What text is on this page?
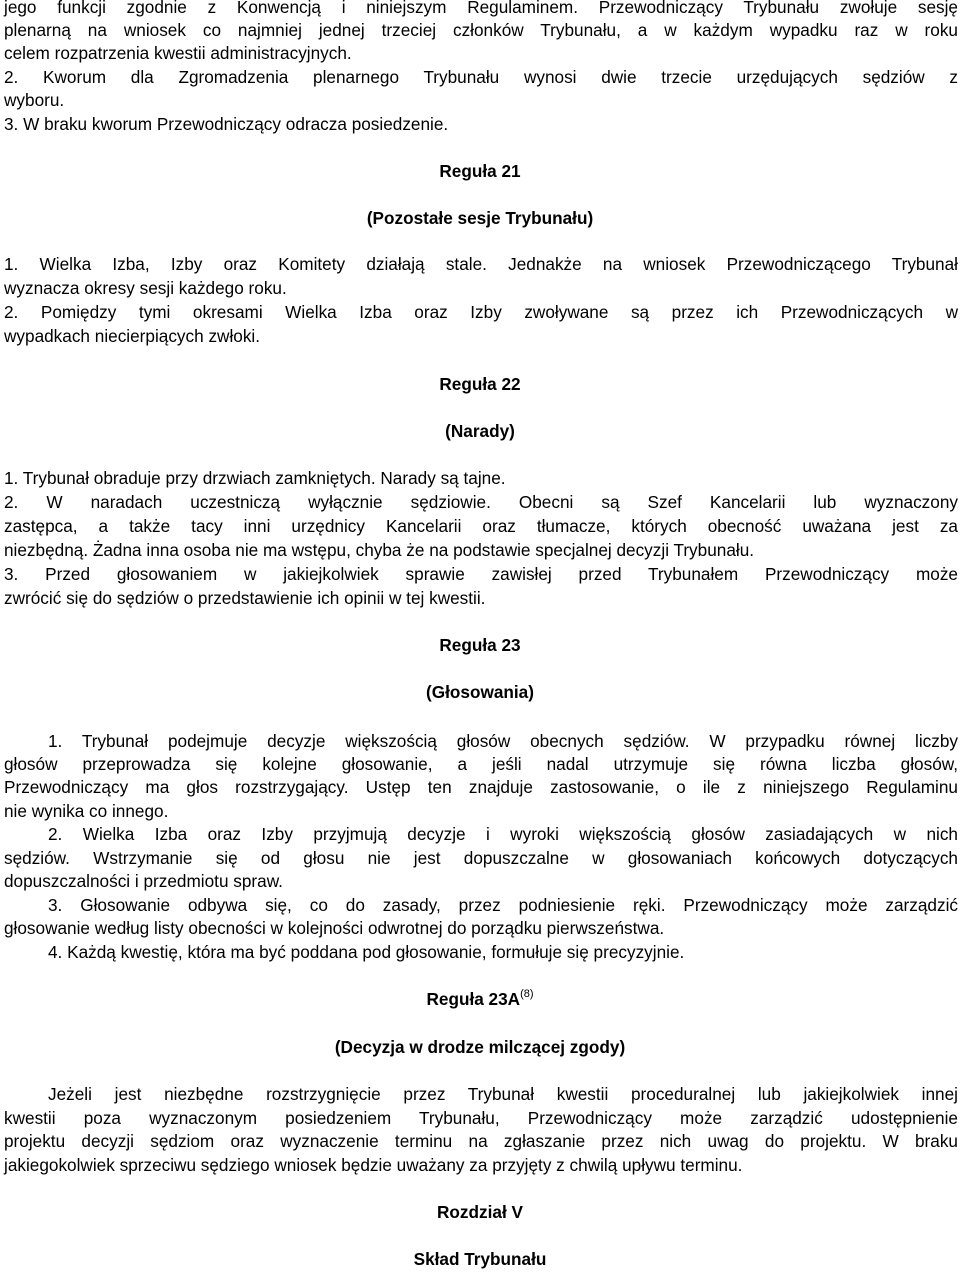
jego funkcji zgodnie z Konwencją i niniejszym Regulaminem. Przewodniczący Trybunału zwołuje sesję
plenarną na wniosek co najmniej jednej trzeciej członków Trybunału, a w każdym wypadku raz w roku
celem rozpatrzenia kwestii administracyjnych.
2. Kworum dla Zgromadzenia plenarnego Trybunału wynosi dwie trzecie urzędujących sędziów z
wyboru.
3. W braku kworum Przewodniczący odracza posiedzenie.
Reguła 21
(Pozostałe sesje Trybunału)
1. Wielka Izba, Izby oraz Komitety działają stale. Jednakże na wniosek Przewodniczącego Trybunał
wyznacza okresy sesji każdego roku.
2. Pomiędzy tymi okresami Wielka Izba oraz Izby zwoływane są przez ich Przewodniczących w
wypadkach niecierpiących zwłoki.
Reguła 22
(Narady)
1. Trybunał obraduje przy drzwiach zamkniętych. Narady są tajne.
2. W naradach uczestniczą wyłącznie sędziowie. Obecni są Szef Kancelarii lub wyznaczony
zastępca, a także tacy inni urzędnicy Kancelarii oraz tłumacze, których obecność uważana jest za
niezbędną. Żadna inna osoba nie ma wstępu, chyba że na podstawie specjalnej decyzji Trybunału.
3. Przed głosowaniem w jakiejkolwiek sprawie zawisłej przed Trybunałem Przewodniczący może
zwrócić się do sędziów o przedstawienie ich opinii w tej kwestii.
Reguła 23
(Głosowania)
1. Trybunał podejmuje decyzje większością głosów obecnych sędziów. W przypadku równej liczby
głosów przeprowadza się kolejne głosowanie, a jeśli nadal utrzymuje się równa liczba głosów,
Przewodniczący ma głos rozstrzygający. Ustęp ten znajduje zastosowanie, o ile z niniejszego Regulaminu
nie wynika co innego.
2. Wielka Izba oraz Izby przyjmują decyzje i wyroki większością głosów zasiadających w nich
sędziów. Wstrzymanie się od głosu nie jest dopuszczalne w głosowaniach końcowych dotyczących
dopuszczalności i przedmiotu spraw.
3. Głosowanie odbywa się, co do zasady, przez podniesienie ręki. Przewodniczący może zarządzić
głosowanie według listy obecności w kolejności odwrotnej do porządku pierwszeństwa.
4. Każdą kwestię, która ma być poddana pod głosowanie, formułuje się precyzyjnie.
Reguła $23A^{(8)}$
(Decyzja w drodze milczącej zgody)
Jeżeli jest niezbędne rozstrzygnięcie przez Trybunał kwestii proceduralnej lub jakiejkolwiek innej
kwestii poza wyznaczonym posiedzeniem Trybunału, Przewodniczący może zarządzić udostępnienie
projektu decyzji sędziom oraz wyznaczenie terminu na zgłaszanie przez nich uwag do projektu. W braku
jakiegokolwiek sprzeciwu sędziego wniosek będzie uważany za przyjęty z chwilą upływu terminu.
Rozdział V
Skład Trybunału
